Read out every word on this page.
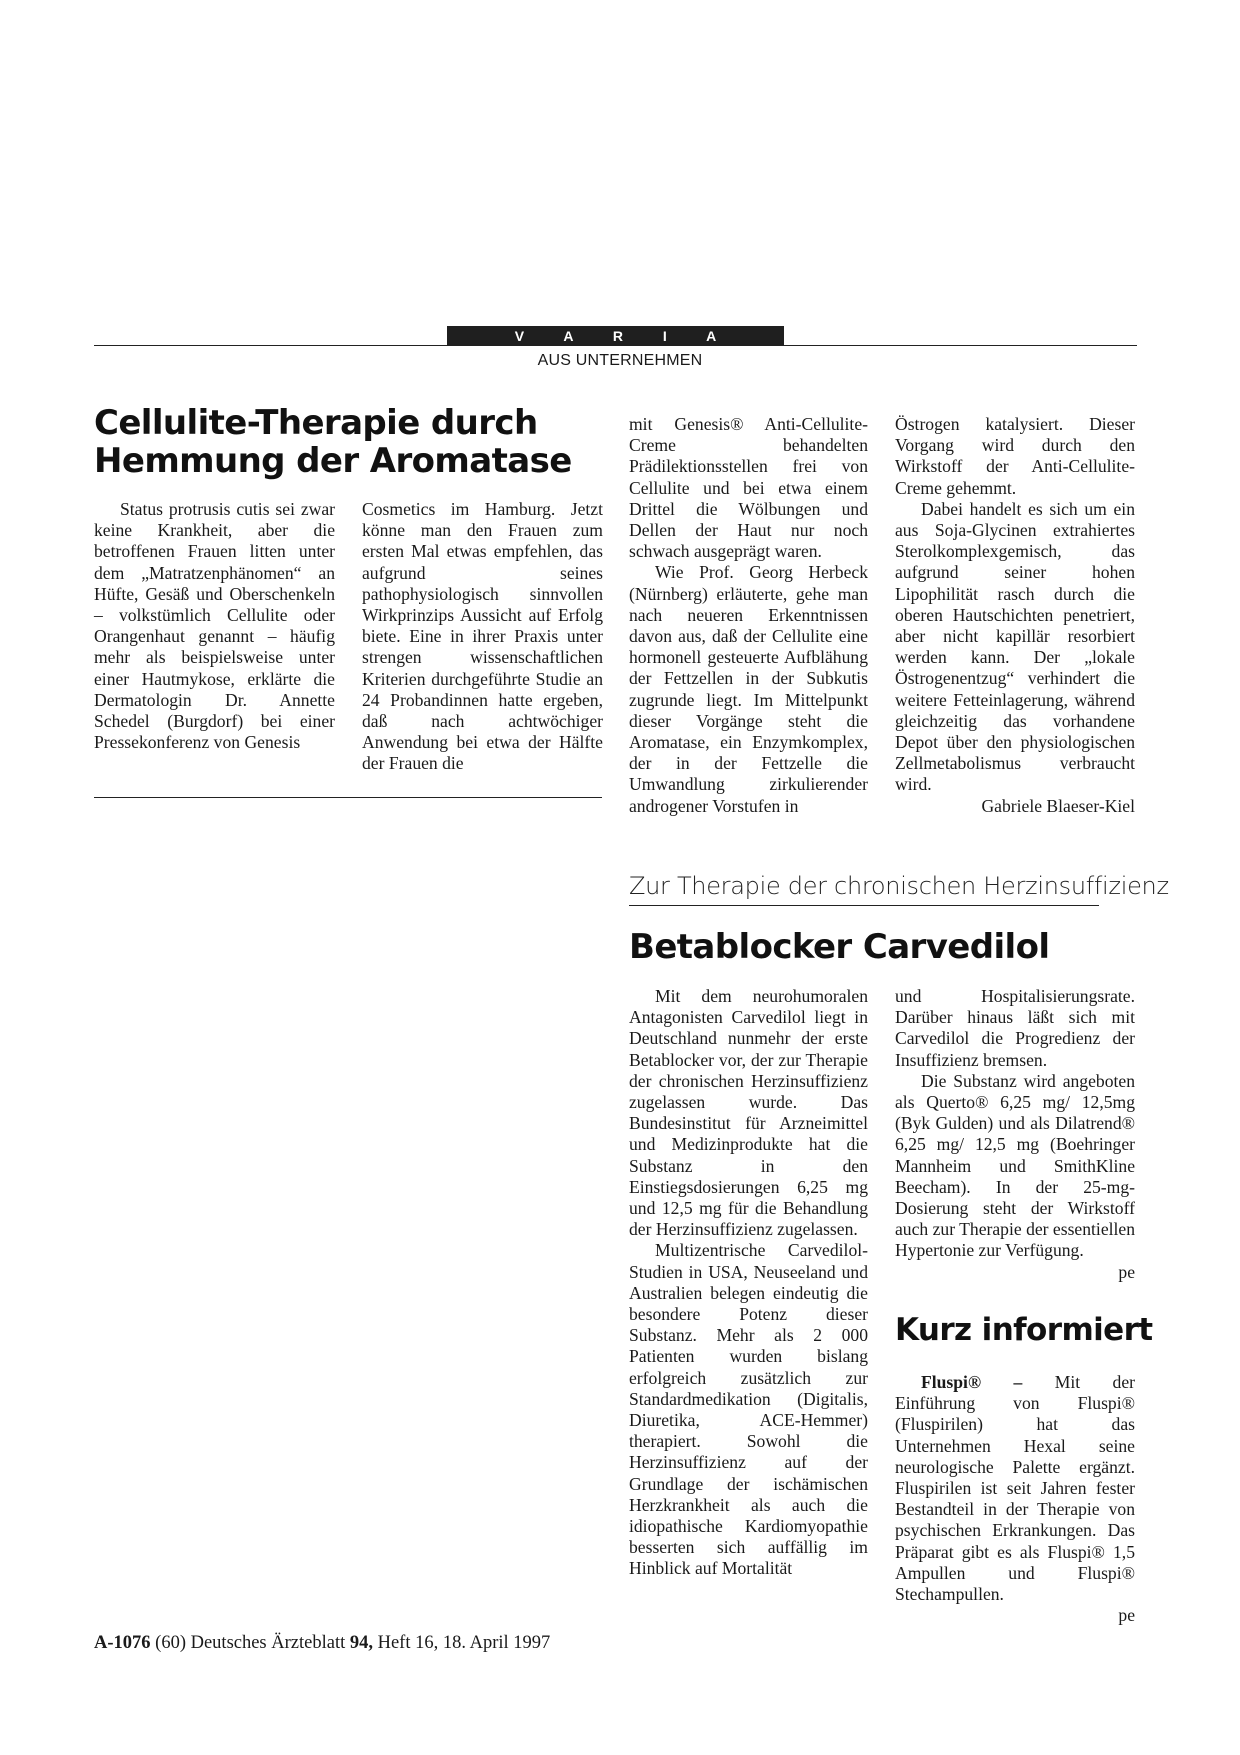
V A R I A
AUS UNTERNEHMEN
Cellulite-Therapie durch
Hemmung der Aromatase

Status protrusis cutis sei zwar keine Krankheit, aber die betroffenen Frauen litten unter dem „Matratzenphänomen“ an Hüfte, Gesäß und Oberschenkeln – volkstümlich Cellulite oder Orangenhaut genannt – häufig mehr als beispielsweise unter einer Hautmykose, erklärte die Dermatologin Dr. Annette Schedel (Burgdorf) bei einer Pressekonferenz von Genesis

Cosmetics im Hamburg. Jetzt könne man den Frauen zum ersten Mal etwas empfehlen, das aufgrund seines pathophysiologisch sinnvollen Wirkprinzips Aussicht auf Erfolg biete. Eine in ihrer Praxis unter strengen wissenschaftlichen Kriterien durchgeführte Studie an 24 Probandinnen hatte ergeben, daß nach achtwöchiger Anwendung bei etwa der Hälfte der Frauen die

mit Genesis® Anti-Cellulite-Creme behandelten Prädilektionsstellen frei von Cellulite und bei etwa einem Drittel die Wölbungen und Dellen der Haut nur noch schwach ausgeprägt waren.

Wie Prof. Georg Herbeck (Nürnberg) erläuterte, gehe man nach neueren Erkenntnissen davon aus, daß der Cellulite eine hormonell gesteuerte Aufblähung der Fettzellen in der Subkutis zugrunde liegt. Im Mittelpunkt dieser Vorgänge steht die Aromatase, ein Enzymkomplex, der in der Fettzelle die Umwandlung zirkulierender androgener Vorstufen in

Östrogen katalysiert. Dieser Vorgang wird durch den Wirkstoff der Anti-Cellulite-Creme gehemmt.

Dabei handelt es sich um ein aus Soja-Glycinen extrahiertes Sterolkomplexgemisch, das aufgrund seiner hohen Lipophilität rasch durch die oberen Hautschichten penetriert, aber nicht kapillär resorbiert werden kann. Der „lokale Östrogenentzug“ verhindert die weitere Fetteinlagerung, während gleichzeitig das vorhandene Depot über den physiologischen Zellmetabolismus verbraucht wird.

Gabriele Blaeser-Kiel

Zur Therapie der chronischen Herzinsuffizienz
Betablocker Carvedilol

Mit dem neurohumoralen Antagonisten Carvedilol liegt in Deutschland nunmehr der erste Betablocker vor, der zur Therapie der chronischen Herzinsuffizienz zugelassen wurde. Das Bundesinstitut für Arzneimittel und Medizinprodukte hat die Substanz in den Einstiegsdosierungen 6,25 mg und 12,5 mg für die Behandlung der Herzinsuffizienz zugelassen.

Multizentrische Carvedilol-Studien in USA, Neuseeland und Australien belegen eindeutig die besondere Potenz dieser Substanz. Mehr als 2 000 Patienten wurden bislang erfolgreich zusätzlich zur Standardmedikation (Digitalis, Diuretika, ACE-Hemmer) therapiert. Sowohl die Herzinsuffizienz auf der Grundlage der ischämischen Herzkrankheit als auch die idiopathische Kardiomyopathie besserten sich auffällig im Hinblick auf Mortalität

und Hospitalisierungsrate. Darüber hinaus läßt sich mit Carvedilol die Progredienz der Insuffizienz bremsen.

Die Substanz wird angeboten als Querto® 6,25 mg/ 12,5mg (Byk Gulden) und als Dilatrend® 6,25 mg/ 12,5 mg (Boehringer Mannheim und SmithKline Beecham). In der 25-mg-Dosierung steht der Wirkstoff auch zur Therapie der essentiellen Hypertonie zur Verfügung.

pe

Kurz informiert

Fluspi® – Mit der Einführung von Fluspi® (Fluspirilen) hat das Unternehmen Hexal seine neurologische Palette ergänzt. Fluspirilen ist seit Jahren fester Bestandteil in der Therapie von psychischen Erkrankungen. Das Präparat gibt es als Fluspi® 1,5 Ampullen und Fluspi® Stechampullen.

pe

A-1076 (60) Deutsches Ärzteblatt 94, Heft 16, 18. April 1997
